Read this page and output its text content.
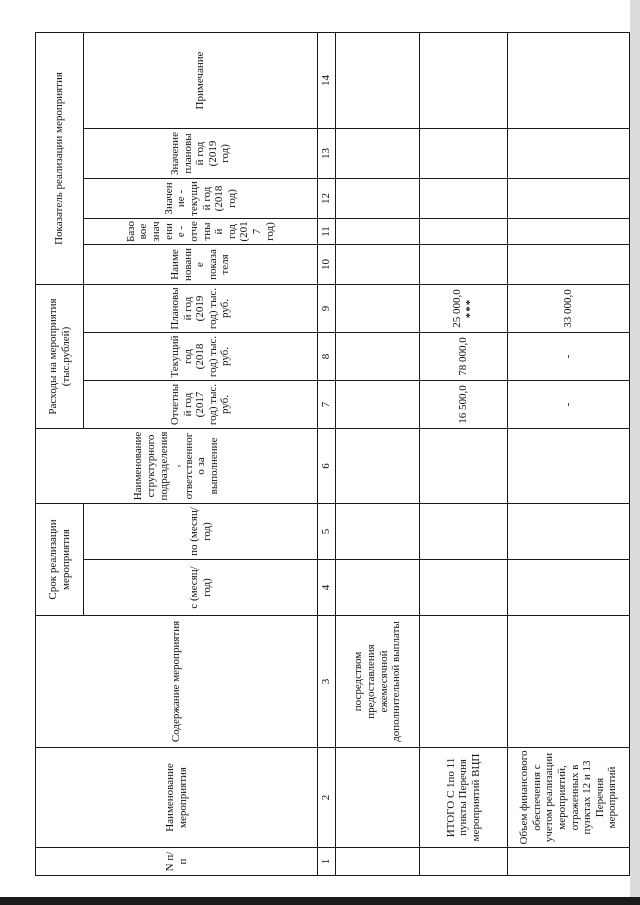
N п/п	Наименование мероприятия	Содержание мероприятия	Срок реализации мероприятия		Наименование структурного подразделения, ответственного за выполнение	Расходы на мероприятия (тыс.рублей)			Показатель реализации мероприятия				
			с (месяц/год)	по (месяц/год)		Отчетный год (2017 год) тыс. руб.	Текущий год (2018 год) тыс. руб.	Плановый год (2019 год) тыс. руб.	Наименование показателя	Базовое значение - отчетный год (2017 год)	Значение - текущий год (2018 год)	Значение плановый год (2019 год)	Примечание
1	2	3	4	5	6	7	8	9	10	11	12	13	14
		посредством предоставления ежемесячной дополнительной выплаты											
	ИТОГО С 1по 11 пункты Перечня мероприятий ВЦП					16 500,0	78 000,0	25 000,0 ***					

	Объем финансового обеспечения с учетом реализации мероприятий, отраженных в пунктах 12 и 13 Перечня мероприятий					-	-	33 000,0					
